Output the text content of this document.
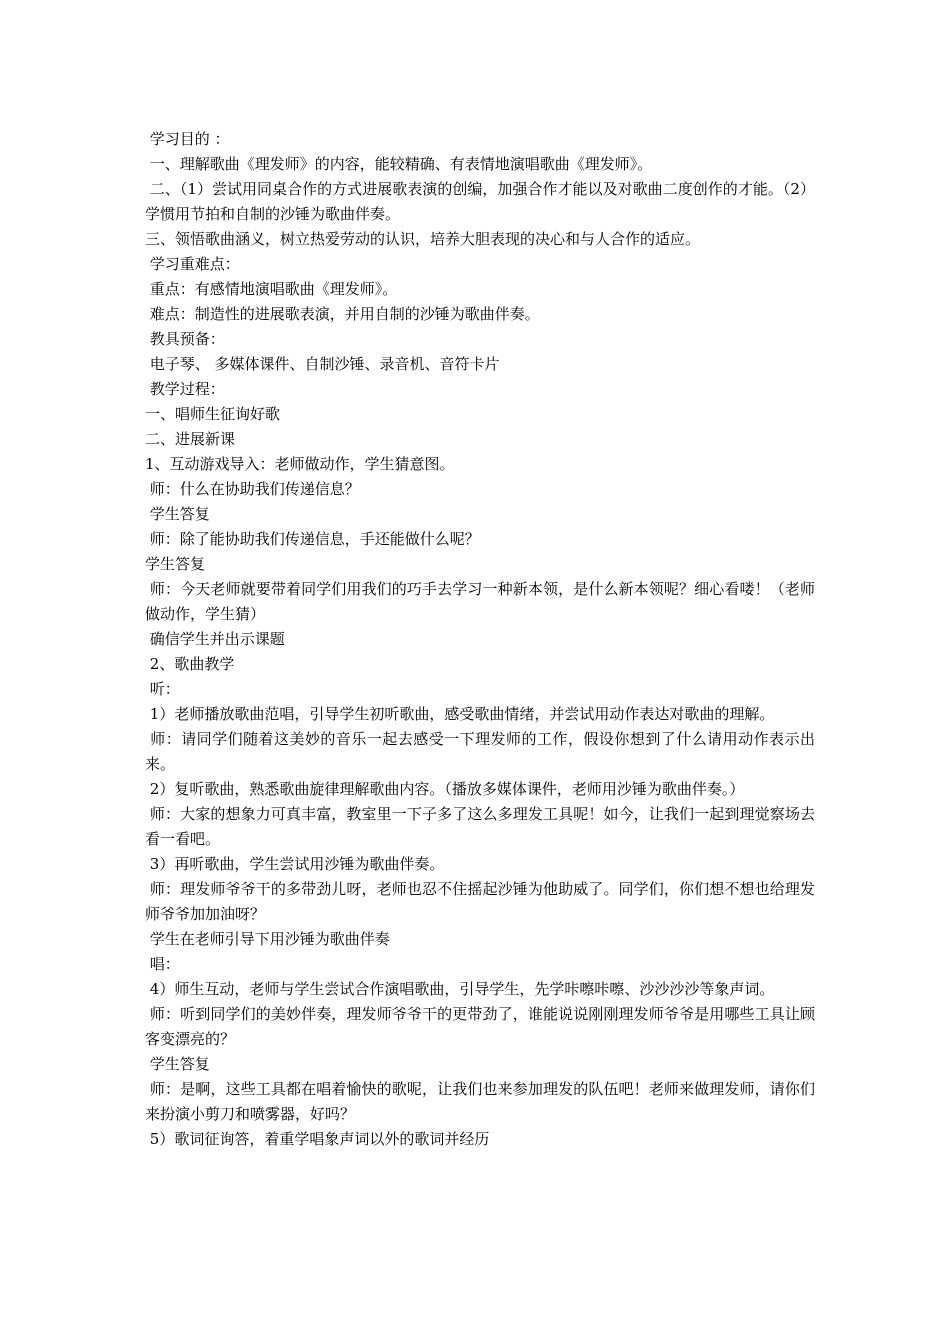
学习目的 ：

一、理解歌曲《理发师》的内容，能较精确、有表情地演唱歌曲《理发师》。

二、（1）尝试用同桌合作的方式进展歌表演的创编，加强合作才能以及对歌曲二度创作的才能。（2）学惯用节拍和自制的沙锤为歌曲伴奏。

三、领悟歌曲涵义，树立热爱劳动的认识，培养大胆表现的决心和与人合作的适应。

学习重难点：

重点：有感情地演唱歌曲《理发师》。

难点：制造性的进展歌表演，并用自制的沙锤为歌曲伴奏。

教具预备：

电子琴、 多媒体课件、自制沙锤、录音机、音符卡片

教学过程：

一、唱师生征询好歌

二、进展新课

1、互动游戏导入：老师做动作，学生猜意图。

师：什么在协助我们传递信息？

学生答复

师：除了能协助我们传递信息，手还能做什么呢？

学生答复

师：今天老师就要带着同学们用我们的巧手去学习一种新本领，是什么新本领呢？细心看喽！（老师做动作，学生猜）

确信学生并出示课题

2、歌曲教学

听：

1）老师播放歌曲范唱，引导学生初听歌曲，感受歌曲情绪，并尝试用动作表达对歌曲的理解。

师：请同学们随着这美妙的音乐一起去感受一下理发师的工作，假设你想到了什么请用动作表示出来。

2）复听歌曲，熟悉歌曲旋律理解歌曲内容。（播放多媒体课件，老师用沙锤为歌曲伴奏。）

师：大家的想象力可真丰富，教室里一下子多了这么多理发工具呢！如今，让我们一起到理觉察场去看一看吧。

3）再听歌曲，学生尝试用沙锤为歌曲伴奏。

师：理发师爷爷干的多带劲儿呀，老师也忍不住摇起沙锤为他助威了。同学们，你们想不想也给理发师爷爷加加油呀？

学生在老师引导下用沙锤为歌曲伴奏

唱：

4）师生互动，老师与学生尝试合作演唱歌曲，引导学生，先学咔嚓咔嚓、沙沙沙沙等象声词。

师：听到同学们的美妙伴奏，理发师爷爷干的更带劲了，谁能说说刚刚理发师爷爷是用哪些工具让顾客变漂亮的？

学生答复

师：是啊，这些工具都在唱着愉快的歌呢，让我们也来参加理发的队伍吧！老师来做理发师，请你们来扮演小剪刀和喷雾器，好吗？

5）歌词征询答，着重学唱象声词以外的歌词并经历
